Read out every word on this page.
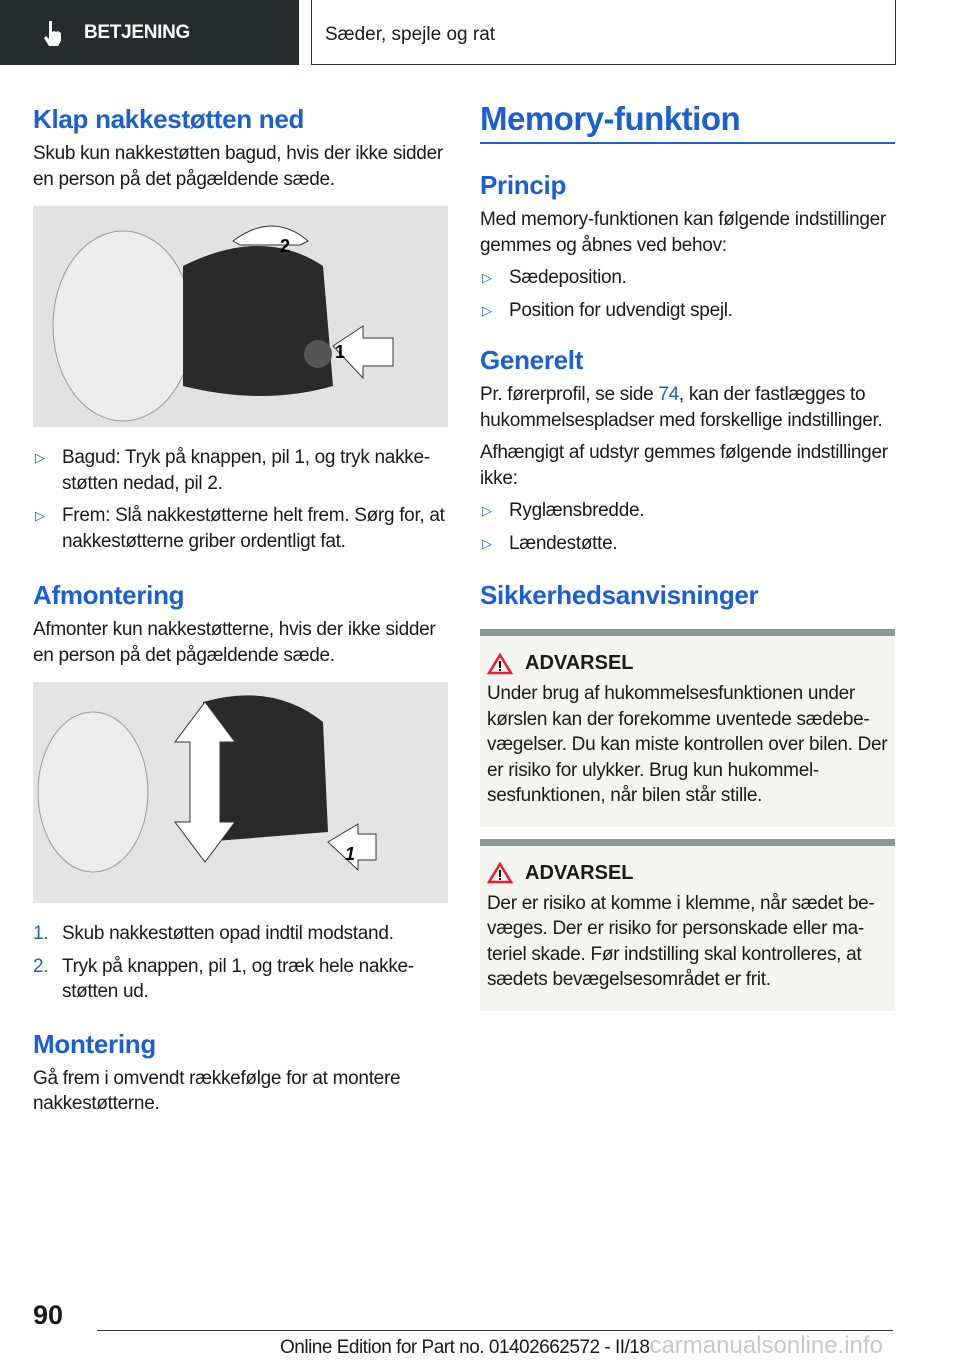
BETJENING	Sæder, spejle og rat
Klap nakkestøtten ned

Skub kun nakkestøtten bagud, hvis der ikke sidder en person på det pågældende sæde.

1
2
▷ Bagud: Tryk på knappen, pil 1, og tryk nakkestøtten nedad, pil 2.
▷ Frem: Slå nakkestøtterne helt frem. Sørg for, at nakkestøtterne griber ordentligt fat.
Afmontering

Afmonter kun nakkestøtterne, hvis der ikke sidder en person på det pågældende sæde.

1
1. Skub nakkestøtten opad indtil modstand.
2. Tryk på knappen, pil 1, og træk hele nakkestøtten ud.
Montering

Gå frem i omvendt rækkefølge for at montere nakkestøtterne.

Memory-funktion
Princip

Med memory-funktionen kan følgende indstillinger gemmes og åbnes ved behov:

▷ Sædeposition.
▷ Position for udvendigt spejl.
Generelt

Pr. førerprofil, se side 74, kan der fastlægges to hukommelsespladser med forskellige indstillinger.

Afhængigt af udstyr gemmes følgende indstillinger ikke:

▷ Ryglænsbredde.
▷ Lændestøtte.
Sikkerhedsanvisninger
ADVARSEL

Under brug af hukommelsesfunktionen under kørslen kan der forekomme uventede sædebevægelser. Du kan miste kontrollen over bilen. Der er risiko for ulykker. Brug kun hukommelsesfunktionen, når bilen står stille.

ADVARSEL

Der er risiko at komme i klemme, når sædet bevæges. Der er risiko for personskade eller materiel skade. Før indstilling skal kontrolleres, at sædets bevægelsesområdet er frit.

90
Online Edition for Part no. 01402662572 - II/18carmanualsonline.info
